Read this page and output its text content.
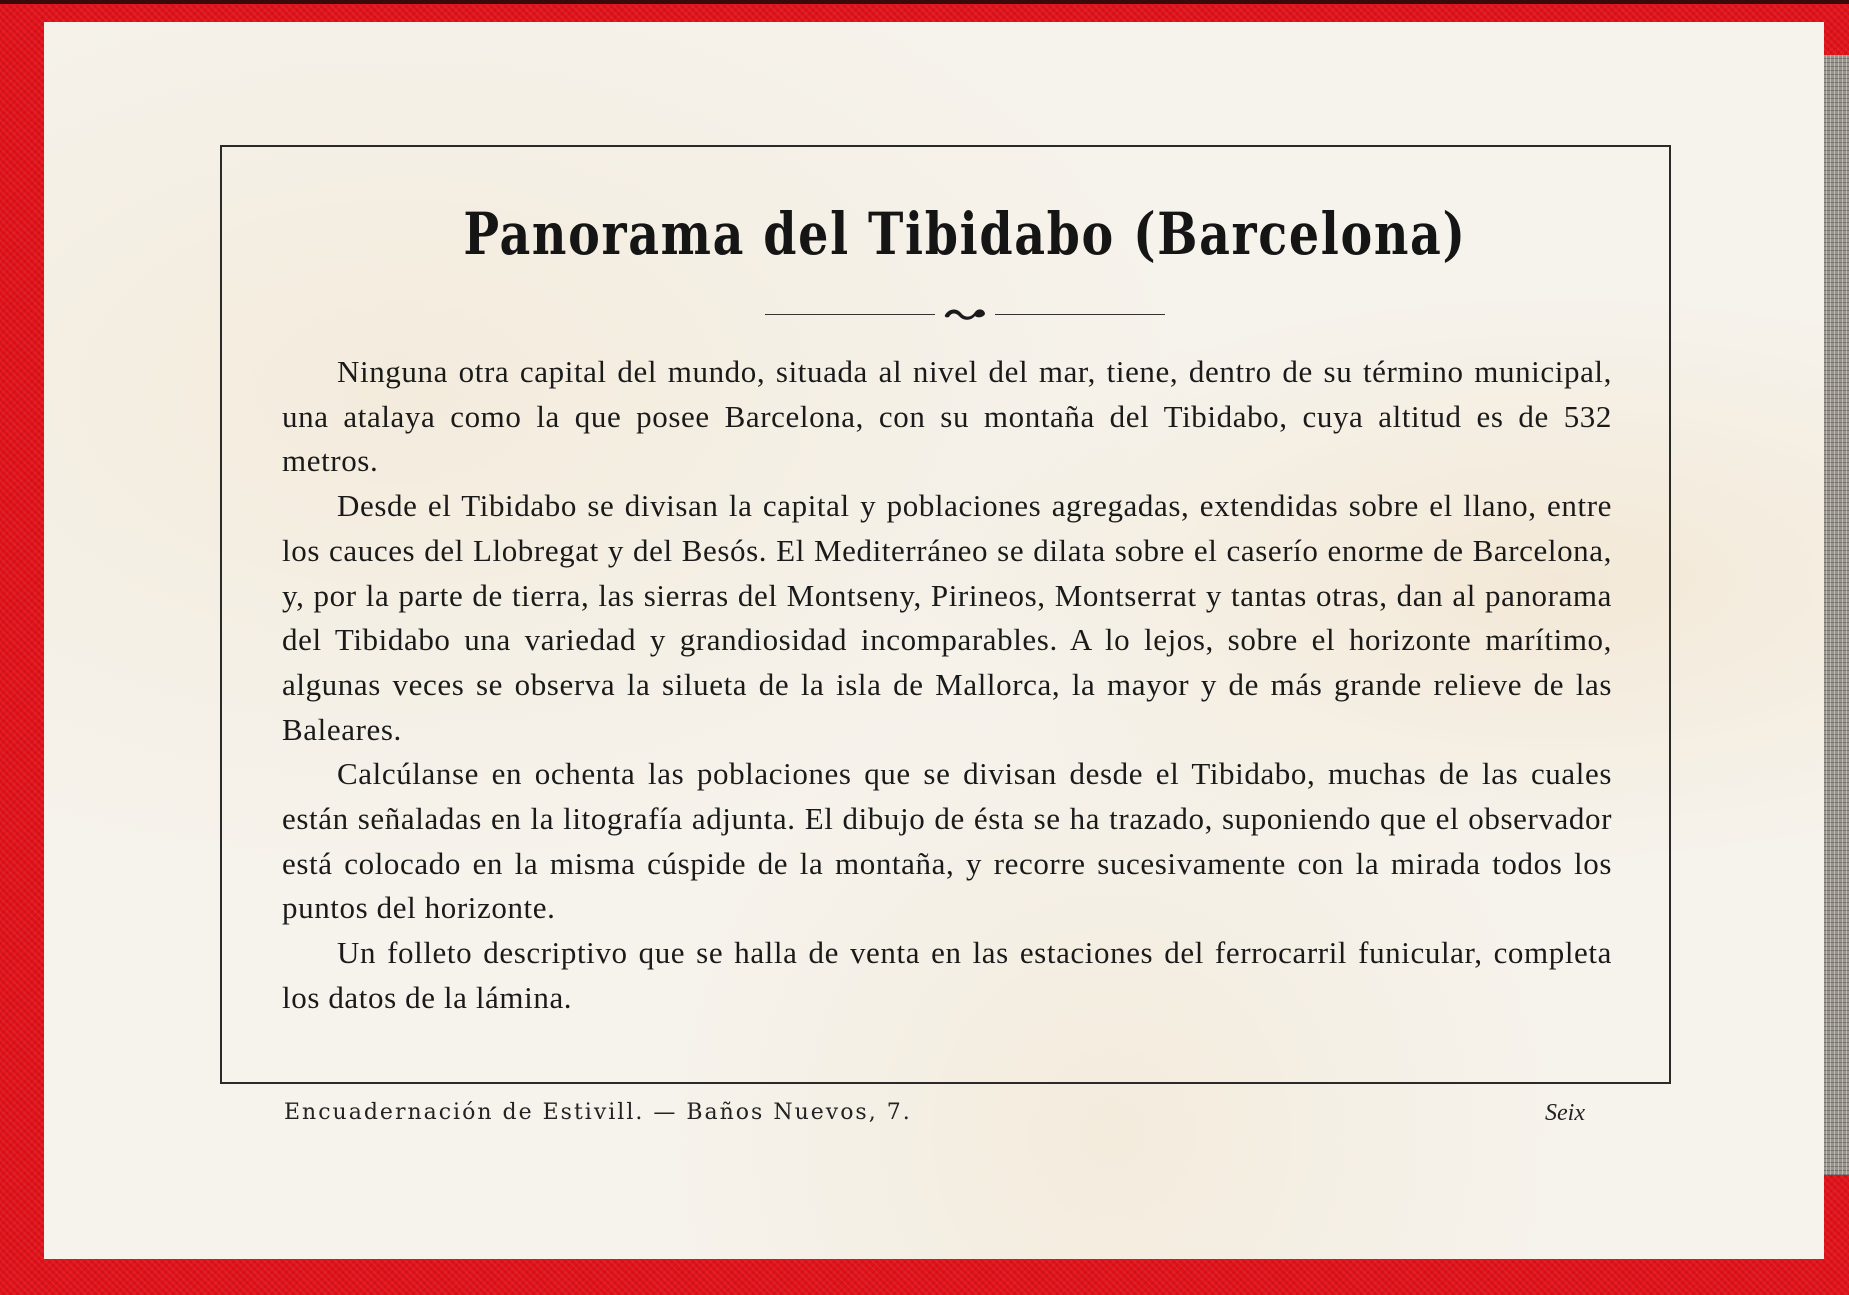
Panorama del Tibidabo (Barcelona)

Ninguna otra capital del mundo, situada al nivel del mar, tiene, dentro de su término municipal, una atalaya como la que posee Barcelona, con su montaña del Tibidabo, cuya altitud es de 532 metros.

Desde el Tibidabo se divisan la capital y poblaciones agregadas, extendidas sobre el llano, entre los cauces del Llobregat y del Besós. El Mediterráneo se dilata sobre el caserío enorme de Barcelona, y, por la parte de tierra, las sierras del Montseny, Pirineos, Montserrat y tantas otras, dan al panorama del Tibidabo una variedad y grandiosidad incomparables. A lo lejos, sobre el horizonte marítimo, algunas veces se observa la silueta de la isla de Mallorca, la mayor y de más grande relieve de las Baleares.

Calcúlanse en ochenta las poblaciones que se divisan desde el Tibidabo, muchas de las cuales están señaladas en la litografía adjunta. El dibujo de ésta se ha trazado, suponiendo que el observador está colocado en la misma cúspide de la montaña, y recorre sucesivamente con la mirada todos los puntos del horizonte.

Un folleto descriptivo que se halla de venta en las estaciones del ferrocarril funicular, completa los datos de la lámina.

Encuadernación de Estivill. — Baños Nuevos, 7.	Seix
